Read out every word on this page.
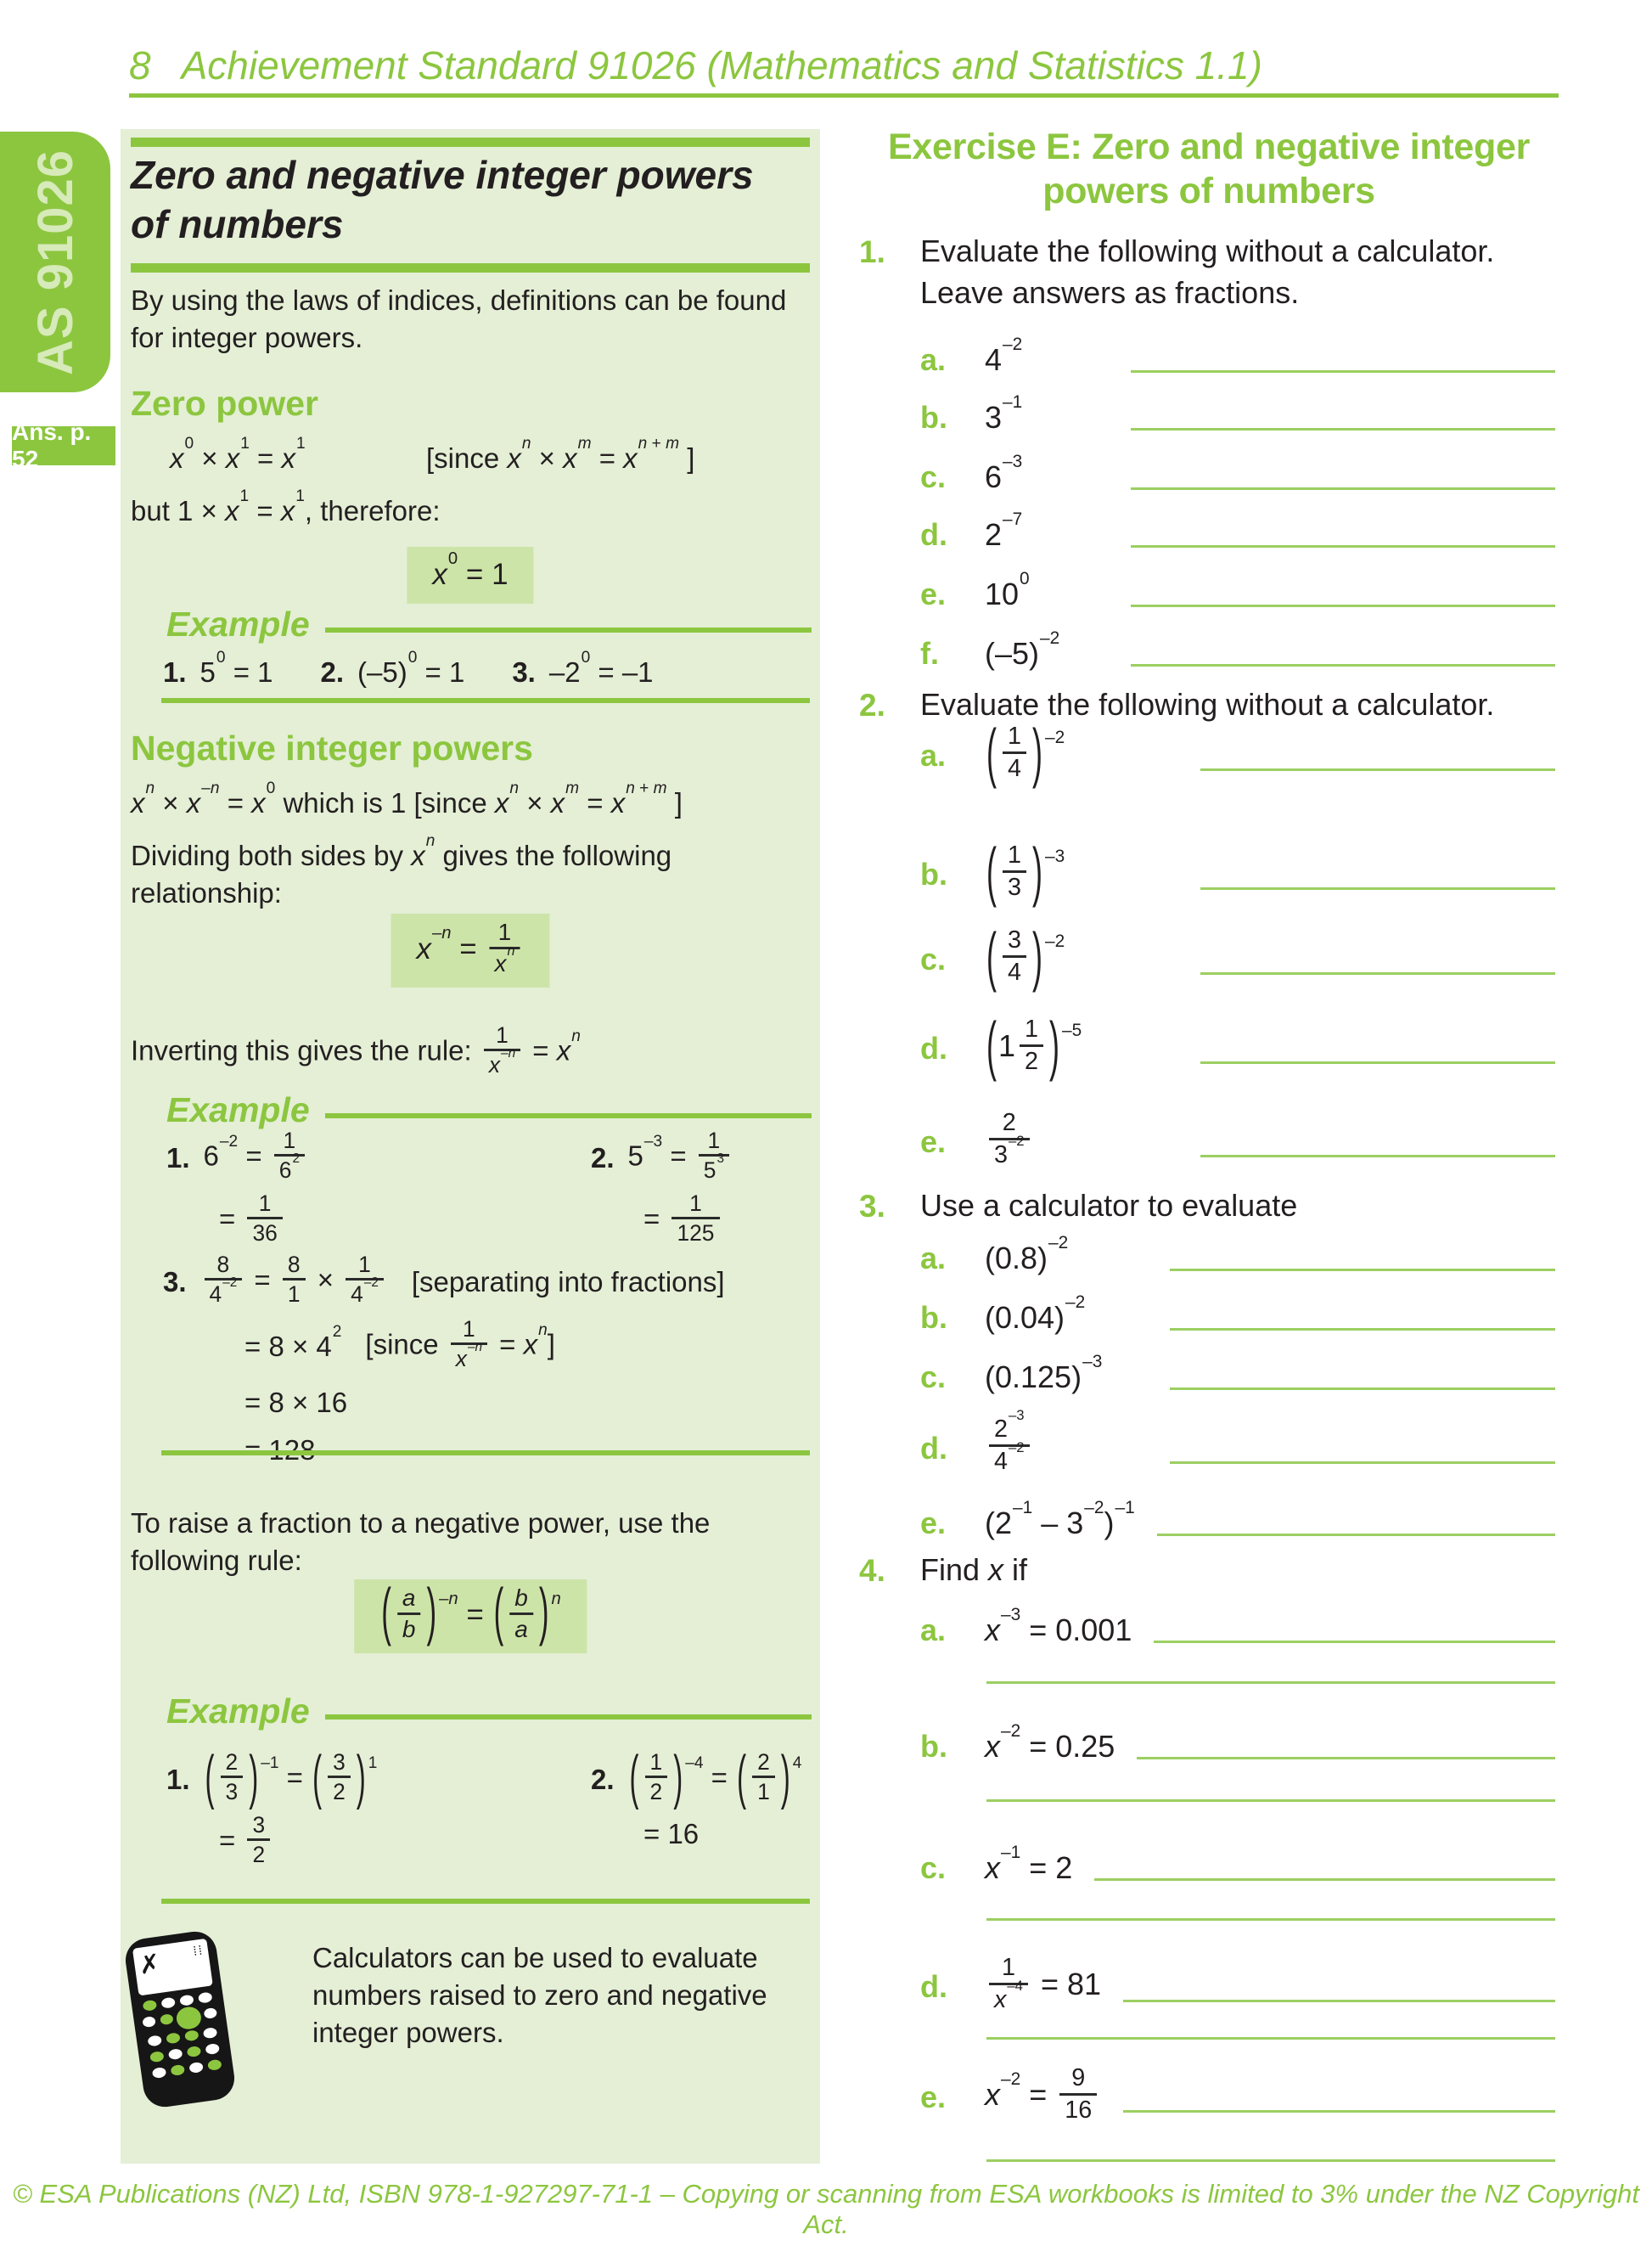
8 Achievement Standard 91026 (Mathematics and Statistics 1.1)
AS 91026
Ans. p. 52
Zero and negative integer powers of numbers

By using the laws of indices, definitions can be found for integer powers.

Zero power
$x^0 \times x^1 = x^1$	[since $x^n \times x^m = x^{n + m}$ ]

but $1 \times x^1 = x^1$, therefore:

$x^0 = 1$
Example
1. $5^0 = 1$ 2. $(-5)^0 = 1$ 3. $-2^0 = -1$
Negative integer powers

$x^n \times x^{-n} = x^0$ which is 1 [since $x^n \times x^m = x^{n + m}$ ]

Dividing both sides by $x^n$ gives the following relationship:

$x^{-n} = \frac{1}{x^n}$

Inverting this gives the rule: $\frac{1}{x^{-n}} = x^n$

Example
1. $6^{-2} = \frac{1}{6^2}$
= $\frac{1}{36}$
2. $5^{-3} = \frac{1}{5^3}$
= $\frac{1}{125}$
3. $\frac{8}{4^{-2}} = \frac{8}{1} \times \frac{1}{4^{-2}}$ [separating into fractions]
= $8 \times 4^2$ [since $\frac{1}{x^{-n}} = x^n$]
= 8 × 16

To raise a fraction to a negative power, use the following rule:

( $\frac{a}{b}$ ) $^{-n}$ = ( $\frac{b}{a}$ ) $^n$
Example
1. ( $\frac{2}{3}$ ) $^{-1}$ = ( $\frac{3}{2}$ ) $^1$
= $\frac{3}{2}$
2. ( $\frac{1}{2}$ ) $^{-4}$ = ( $\frac{2}{1}$ ) $^4$
= 16
✗ ⁞⁞	Calculators can be used to evaluate numbers raised to zero and negative integer powers.

Exercise E: Zero and negative integer powers of numbers
1.	Evaluate the following without a calculator. Leave answers as fractions.
a.	$4^{-2}$
b.	$3^{-1}$
c.	$6^{-3}$
d.	$2^{-7}$
e.	$10^0$
f.	$(-5)^{-2}$
2.	Evaluate the following without a calculator.
a.	( $\frac{1}{4}$ ) $^{-2}$
b.	( $\frac{1}{3}$ ) $^{-3}$
c.	( $\frac{3}{4}$ ) $^{-2}$
d.	($1 \frac{1}{2}$ ) $^{-5}$
e.	$\frac{2}{3^{-2}}$
3.	Use a calculator to evaluate
a.	$(0.8)^{-2}$
b.	$(0.04)^{-2}$
c.	$(0.125)^{-3}$
d.	$\frac{2^{-3}}{4^{-2}}$
e.	$(2^{-1} - 3^{-2})^{-1}$
4.	Find x if
a.	$x^{-3} = 0.001$
b.	$x^{-2} = 0.25$
c.	$x^{-1} = 2$
d.	$\frac{1}{x^{-4}} = 81$
e.	$x^{-2} = \frac{9}{16}$
© ESA Publications (NZ) Ltd, ISBN 978-1-927297-71-1 – Copying or scanning from ESA workbooks is limited to 3% under the NZ Copyright Act.
